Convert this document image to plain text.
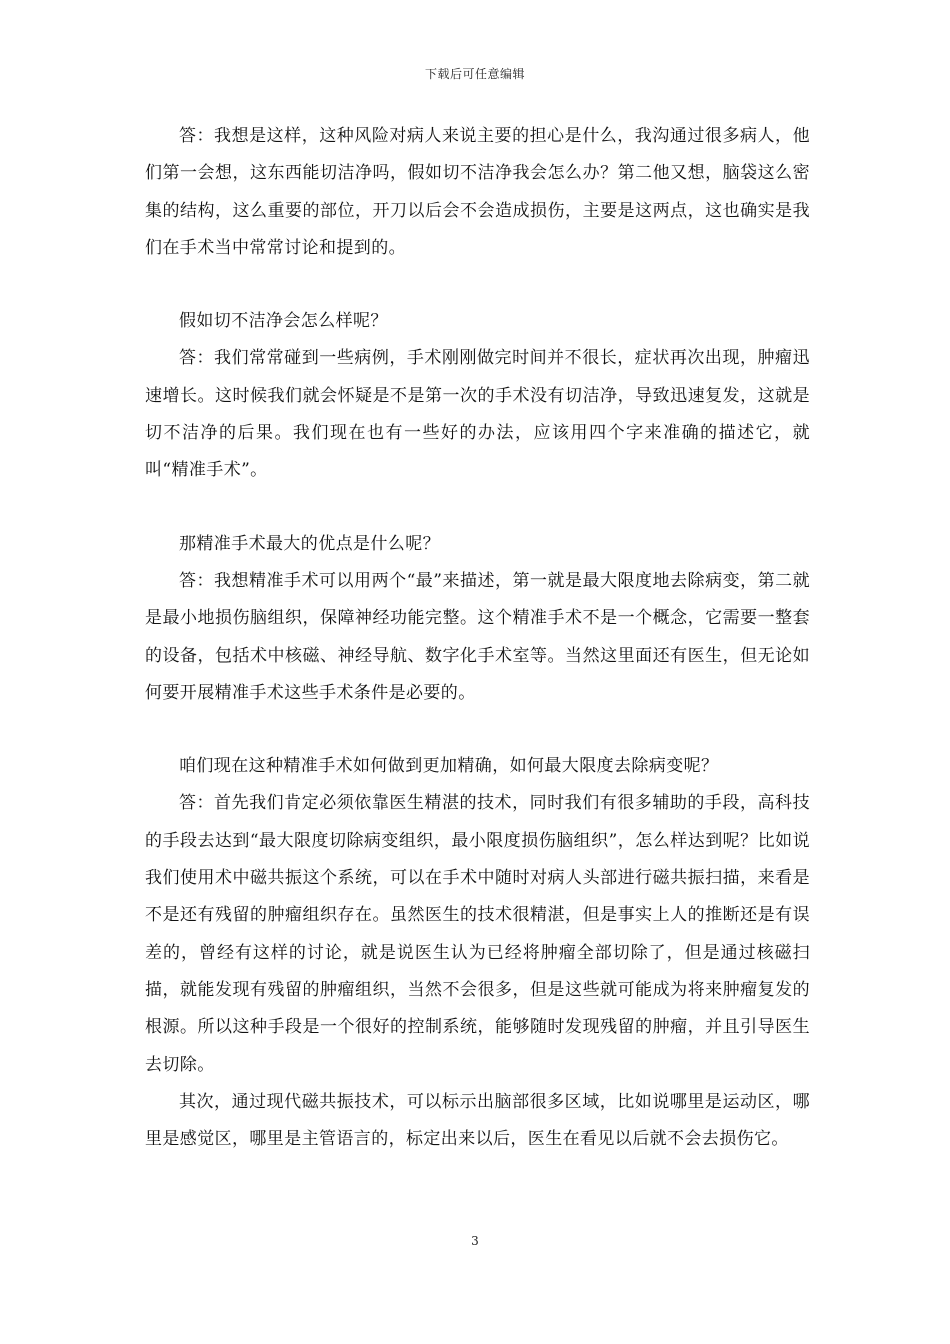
下载后可任意编辑

答：我想是这样，这种风险对病人来说主要的担心是什么，我沟通过很多病人，他们第一会想，这东西能切洁净吗，假如切不洁净我会怎么办？第二他又想，脑袋这么密集的结构，这么重要的部位，开刀以后会不会造成损伤，主要是这两点，这也确实是我们在手术当中常常讨论和提到的。

假如切不洁净会怎么样呢？

答：我们常常碰到一些病例，手术刚刚做完时间并不很长，症状再次出现，肿瘤迅速增长。这时候我们就会怀疑是不是第一次的手术没有切洁净，导致迅速复发，这就是切不洁净的后果。我们现在也有一些好的办法，应该用四个字来准确的描述它，就叫“精准手术”。

那精准手术最大的优点是什么呢？

答：我想精准手术可以用两个“最”来描述，第一就是最大限度地去除病变，第二就是最小地损伤脑组织，保障神经功能完整。这个精准手术不是一个概念，它需要一整套的设备，包括术中核磁、神经导航、数字化手术室等。当然这里面还有医生，但无论如何要开展精准手术这些手术条件是必要的。

咱们现在这种精准手术如何做到更加精确，如何最大限度去除病变呢？

答：首先我们肯定必须依靠医生精湛的技术，同时我们有很多辅助的手段，高科技的手段去达到“最大限度切除病变组织，最小限度损伤脑组织”，怎么样达到呢？比如说我们使用术中磁共振这个系统，可以在手术中随时对病人头部进行磁共振扫描，来看是不是还有残留的肿瘤组织存在。虽然医生的技术很精湛，但是事实上人的推断还是有误差的，曾经有这样的讨论，就是说医生认为已经将肿瘤全部切除了，但是通过核磁扫描，就能发现有残留的肿瘤组织，当然不会很多，但是这些就可能成为将来肿瘤复发的根源。所以这种手段是一个很好的控制系统，能够随时发现残留的肿瘤，并且引导医生去切除。

其次，通过现代磁共振技术，可以标示出脑部很多区域，比如说哪里是运动区，哪里是感觉区，哪里是主管语言的，标定出来以后，医生在看见以后就不会去损伤它。

3
